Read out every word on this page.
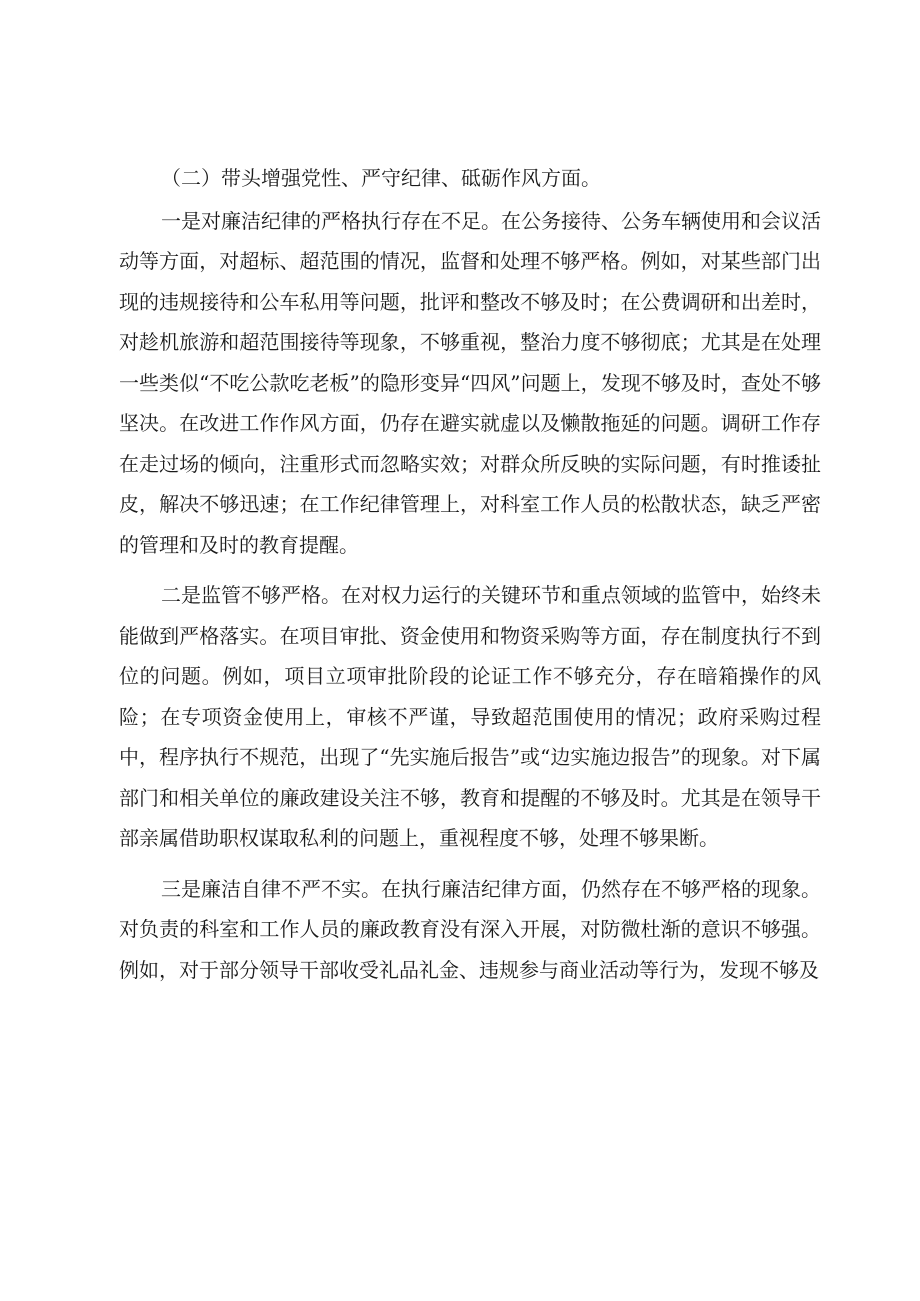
（二）带头增强党性、严守纪律、砥砺作风方面。

一是对廉洁纪律的严格执行存在不足。在公务接待、公务车辆使用和会议活动等方面，对超标、超范围的情况，监督和处理不够严格。例如，对某些部门出现的违规接待和公车私用等问题，批评和整改不够及时；在公费调研和出差时，对趁机旅游和超范围接待等现象，不够重视，整治力度不够彻底；尤其是在处理一些类似“不吃公款吃老板”的隐形变异“四风”问题上，发现不够及时，查处不够坚决。在改进工作作风方面，仍存在避实就虚以及懒散拖延的问题。调研工作存在走过场的倾向，注重形式而忽略实效；对群众所反映的实际问题，有时推诿扯皮，解决不够迅速；在工作纪律管理上，对科室工作人员的松散状态，缺乏严密的管理和及时的教育提醒。

二是监管不够严格。在对权力运行的关键环节和重点领域的监管中，始终未能做到严格落实。在项目审批、资金使用和物资采购等方面，存在制度执行不到位的问题。例如，项目立项审批阶段的论证工作不够充分，存在暗箱操作的风险；在专项资金使用上，审核不严谨，导致超范围使用的情况；政府采购过程中，程序执行不规范，出现了“先实施后报告”或“边实施边报告”的现象。对下属部门和相关单位的廉政建设关注不够，教育和提醒的不够及时。尤其是在领导干部亲属借助职权谋取私利的问题上，重视程度不够，处理不够果断。

三是廉洁自律不严不实。在执行廉洁纪律方面，仍然存在不够严格的现象。对负责的科室和工作人员的廉政教育没有深入开展，对防微杜渐的意识不够强。例如，对于部分领导干部收受礼品礼金、违规参与商业活动等行为，发现不够及
